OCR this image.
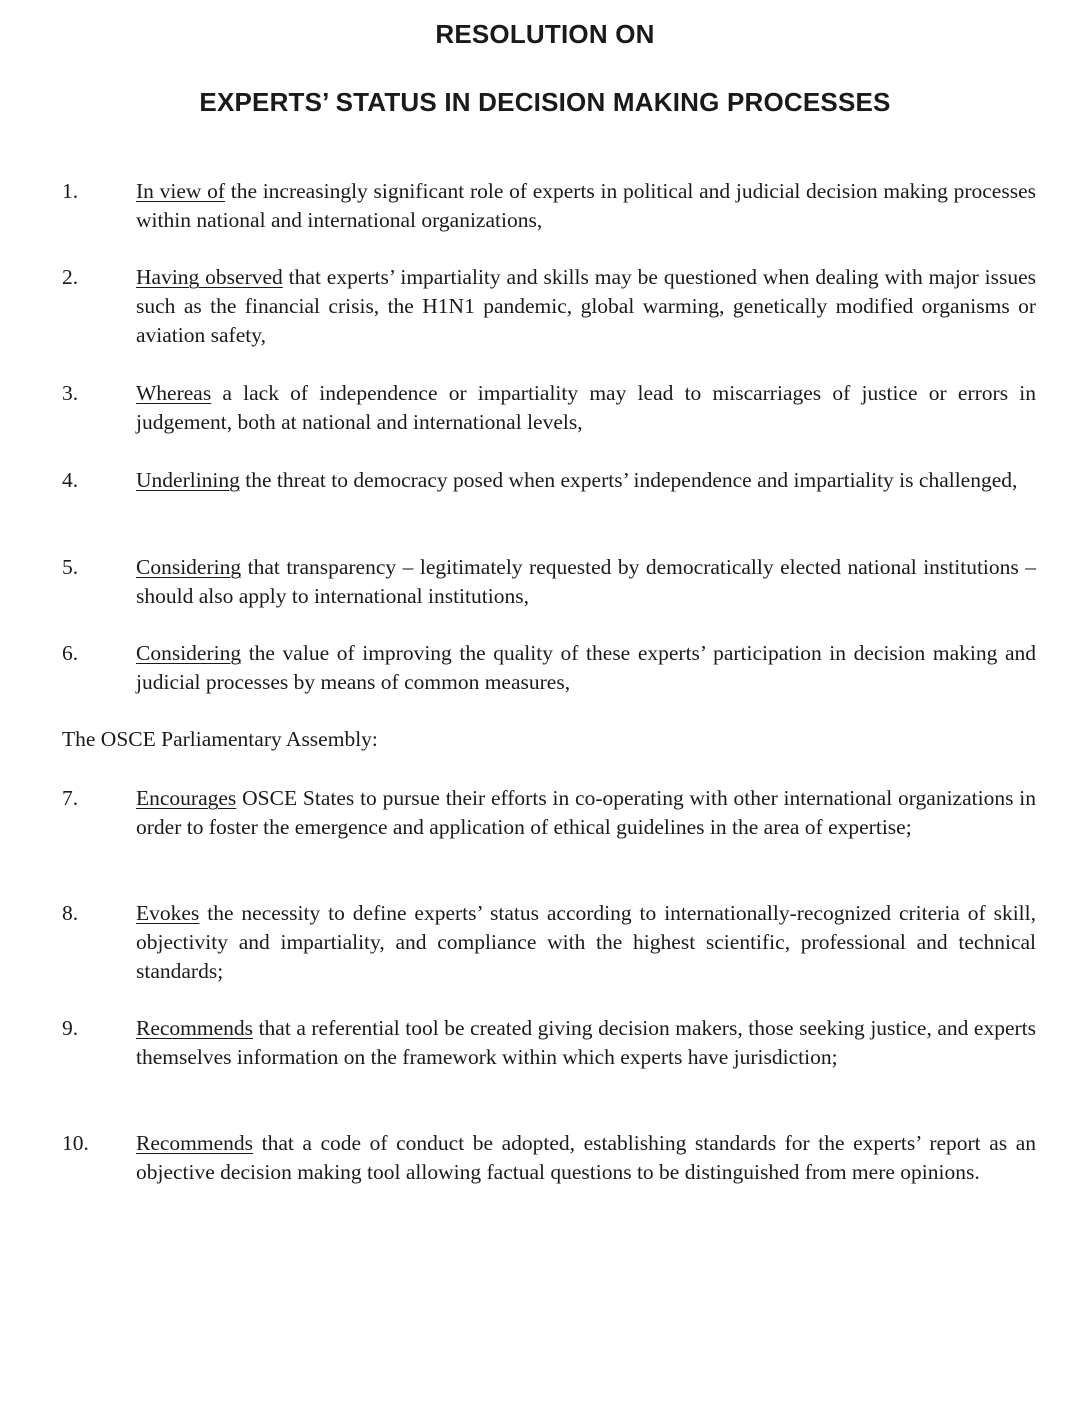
RESOLUTION ON
EXPERTS’ STATUS IN DECISION MAKING PROCESSES
1.	In view of the increasingly significant role of experts in political and judicial decision making processes within national and international organizations,
2.	Having observed that experts’ impartiality and skills may be questioned when dealing with major issues such as the financial crisis, the H1N1 pandemic, global warming, genetically modified organisms or aviation safety,
3.	Whereas a lack of independence or impartiality may lead to miscarriages of justice or errors in judgement, both at national and international levels,
4.	Underlining the threat to democracy posed when experts’ independence and impartiality is challenged,
5.	Considering that transparency – legitimately requested by democratically elected national institutions – should also apply to international institutions,
6.	Considering the value of improving the quality of these experts’ participation in decision making and judicial processes by means of common measures,
The OSCE Parliamentary Assembly:
7.	Encourages OSCE States to pursue their efforts in co-operating with other international organizations in order to foster the emergence and application of ethical guidelines in the area of expertise;
8.	Evokes the necessity to define experts’ status according to internationally-recognized criteria of skill, objectivity and impartiality, and compliance with the highest scientific, professional and technical standards;
9.	Recommends that a referential tool be created giving decision makers, those seeking justice, and experts themselves information on the framework within which experts have jurisdiction;
10. Recommends that a code of conduct be adopted, establishing standards for the experts’ report as an objective decision making tool allowing factual questions to be distinguished from mere opinions.
